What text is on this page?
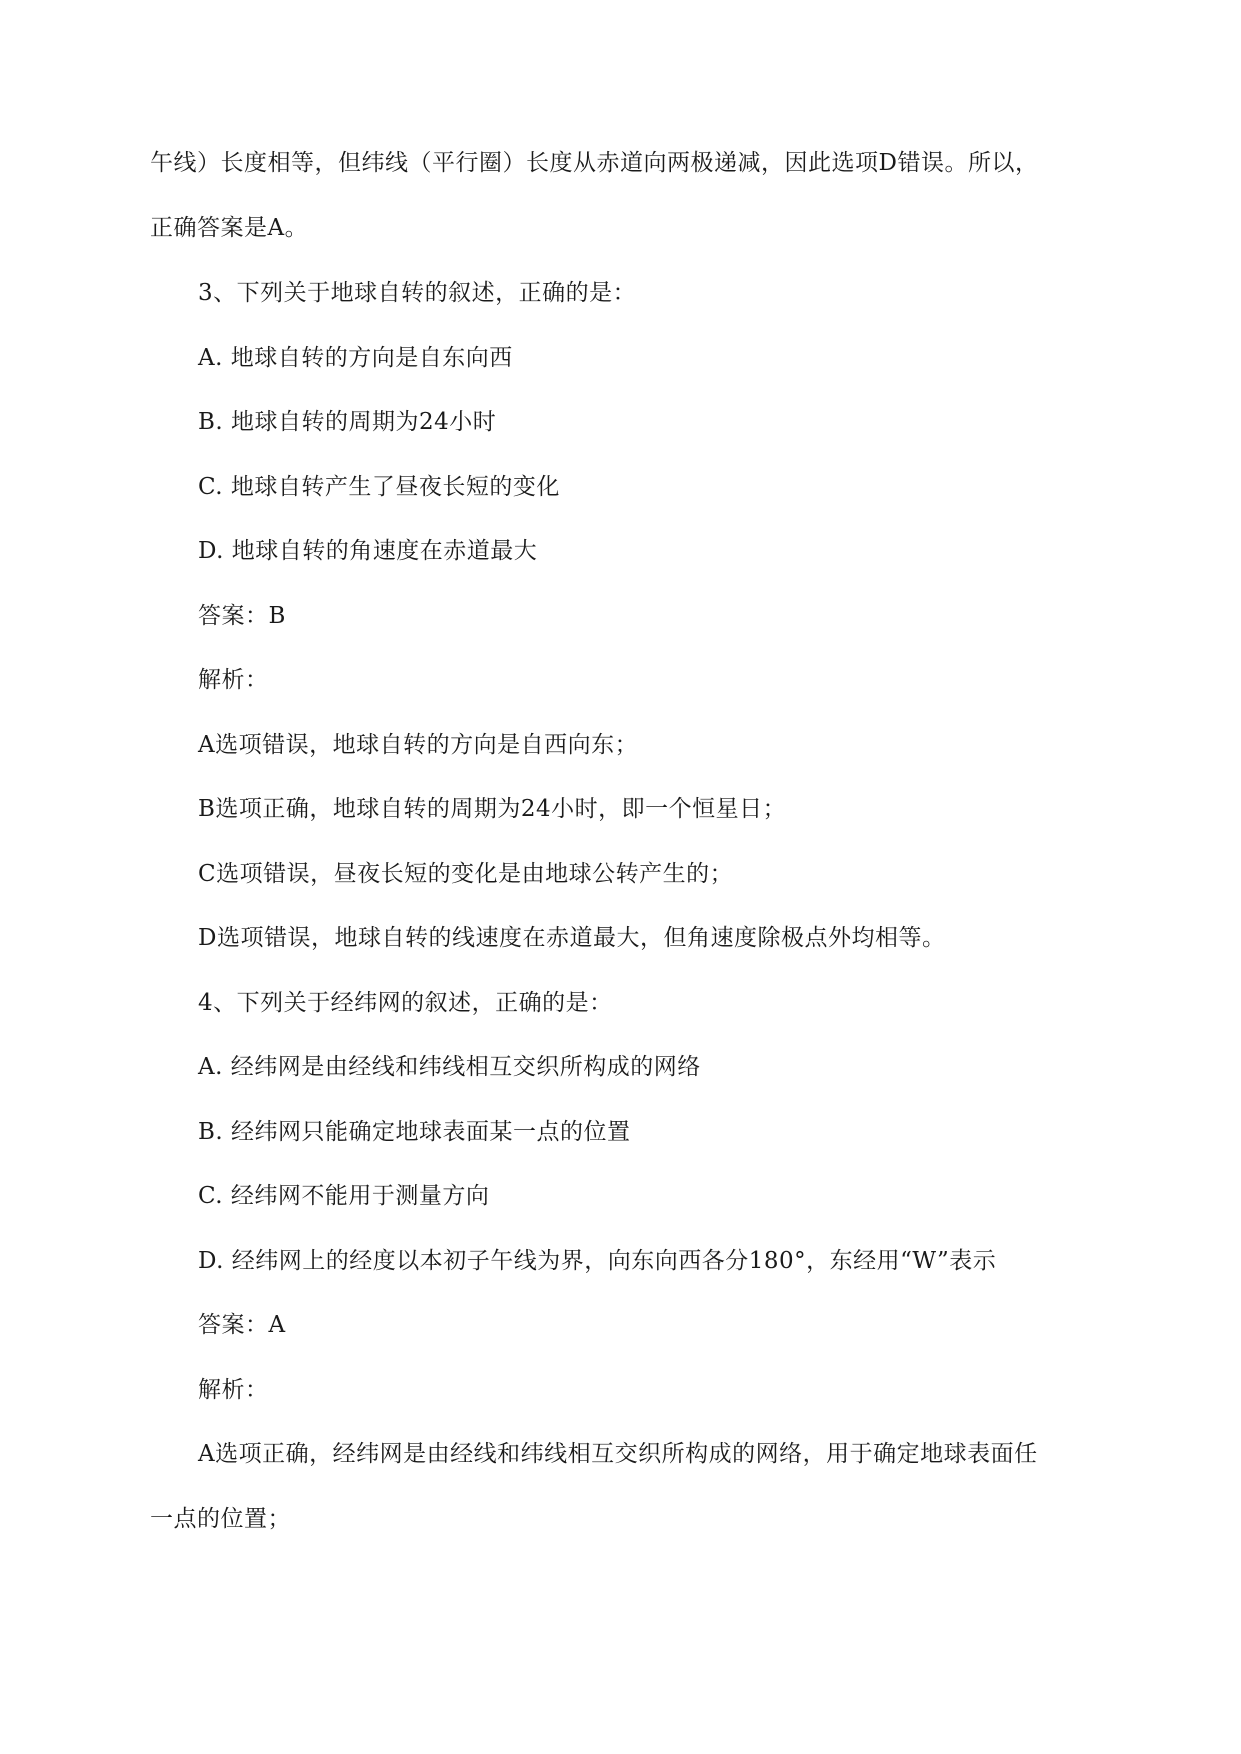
午线）长度相等，但纬线（平行圈）长度从赤道向两极递减，因此选项D错误。所以，
正确答案是A。
3、下列关于地球自转的叙述，正确的是：
A. 地球自转的方向是自东向西
B. 地球自转的周期为24小时
C. 地球自转产生了昼夜长短的变化
D. 地球自转的角速度在赤道最大
答案：B
解析：
A选项错误，地球自转的方向是自西向东；
B选项正确，地球自转的周期为24小时，即一个恒星日；
C选项错误，昼夜长短的变化是由地球公转产生的；
D选项错误，地球自转的线速度在赤道最大，但角速度除极点外均相等。
4、下列关于经纬网的叙述，正确的是：
A. 经纬网是由经线和纬线相互交织所构成的网络
B. 经纬网只能确定地球表面某一点的位置
C. 经纬网不能用于测量方向
D. 经纬网上的经度以本初子午线为界，向东向西各分180°，东经用“W”表示
答案：A
解析：
A选项正确，经纬网是由经线和纬线相互交织所构成的网络，用于确定地球表面任
一点的位置；
